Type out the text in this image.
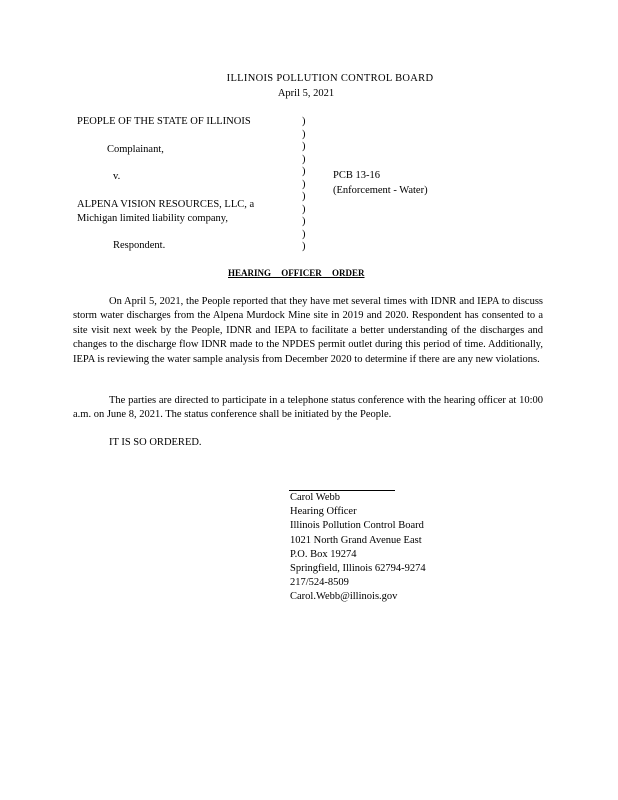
ILLINOIS POLLUTION CONTROL BOARD
April 5, 2021
PEOPLE OF THE STATE OF ILLINOIS
Complainant,
v.
ALPENA VISION RESOURCES, LLC, a
Michigan limited liability company,
Respondent.
)
)
)
)
)
)
)
)
)
)
)
PCB 13-16
(Enforcement - Water)
HEARING OFFICER ORDER
On April 5, 2021, the People reported that they have met several times with IDNR and IEPA to discuss storm water discharges from the Alpena Murdock Mine site in 2019 and 2020. Respondent has consented to a site visit next week by the People, IDNR and IEPA to facilitate a better understanding of the discharges and changes to the discharge flow IDNR made to the NPDES permit outlet during this period of time. Additionally, IEPA is reviewing the water sample analysis from December 2020 to determine if there are any new violations.
The parties are directed to participate in a telephone status conference with the hearing officer at 10:00 a.m. on June 8, 2021. The status conference shall be initiated by the People.
IT IS SO ORDERED.
Carol Webb
Hearing Officer
Illinois Pollution Control Board
1021 North Grand Avenue East
P.O. Box 19274
Springfield, Illinois 62794-9274
217/524-8509
Carol.Webb@illinois.gov
